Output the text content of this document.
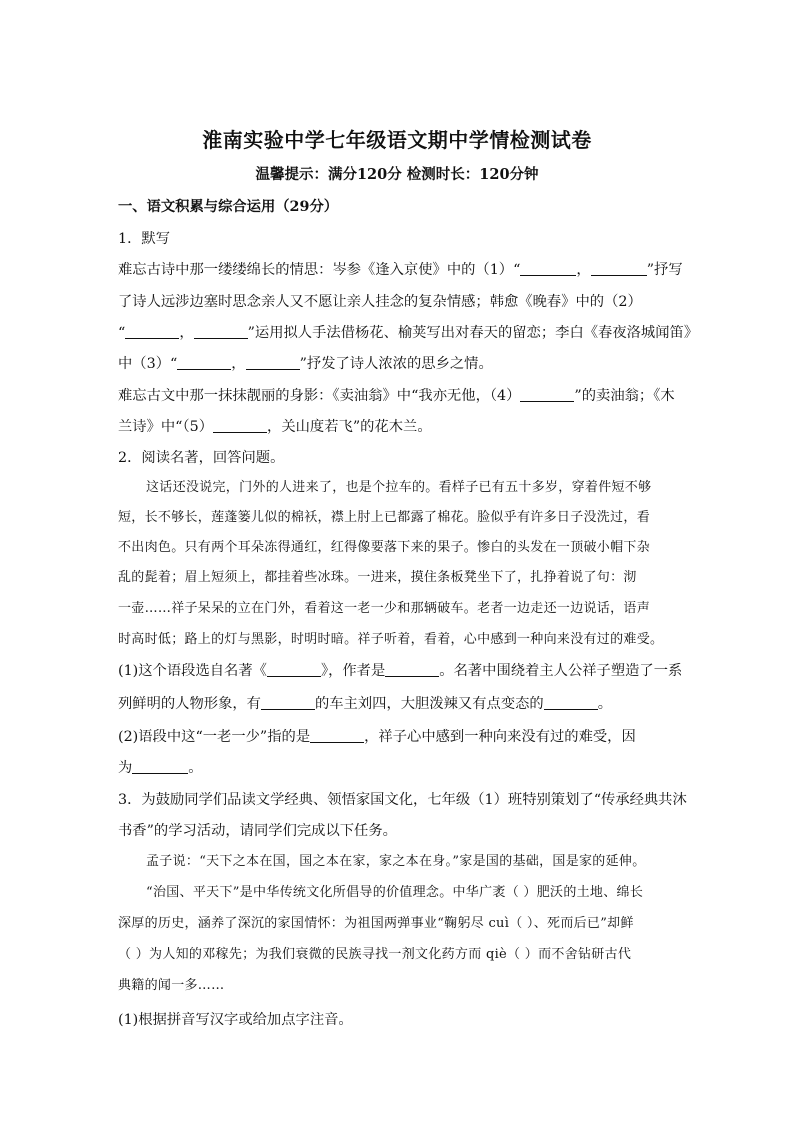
淮南实验中学七年级语文期中学情检测试卷
温馨提示：满分120分 检测时长：120分钟
一、语文积累与综合运用（29分）
1．默写
难忘古诗中那一缕缕绵长的情思：岑参《逢入京使》中的（1）“	，	”抒写
了诗人远涉边塞时思念亲人又不愿让亲人挂念的复杂情感；韩愈《晚春》中的（2）
“	，	”运用拟人手法借杨花、榆荚写出对春天的留恋；李白《春夜洛城闻笛》
中（3）“	，	”抒发了诗人浓浓的思乡之情。
难忘古文中那一抹抹靓丽的身影：《卖油翁》中“我亦无他，（4）	”的卖油翁；《木
兰诗》中“（5）	，关山度若飞”的花木兰。
2．阅读名著，回答问题。
这话还没说完，门外的人进来了，也是个拉车的。看样子已有五十多岁，穿着件短不够
短，长不够长，莲蓬篓儿似的棉袄，襟上肘上已都露了棉花。脸似乎有许多日子没洗过，看
不出肉色。只有两个耳朵冻得通红，红得像要落下来的果子。惨白的头发在一顶破小帽下杂
乱的髭着；眉上短须上，都挂着些冰珠。一进来，摸住条板凳坐下了，扎挣着说了句：沏
一壶……祥子呆呆的立在门外，看着这一老一少和那辆破车。老者一边走还一边说话，语声
时高时低；路上的灯与黑影，时明时暗。祥子听着，看着，心中感到一种向来没有过的难受。
(1)这个语段选自名著《	》，作者是	。名著中围绕着主人公祥子塑造了一系
列鲜明的人物形象，有	的车主刘四，大胆泼辣又有点变态的	。
(2)语段中这“一老一少”指的是	，祥子心中感到一种向来没有过的难受，因
为	。
3．为鼓励同学们品读文学经典、领悟家国文化，七年级（1）班特别策划了“传承经典共沐
书香”的学习活动，请同学们完成以下任务。
孟子说：“天下之本在国，国之本在家，家之本在身。”家是国的基础，国是家的延伸。
“治国、平天下”是中华传统文化所倡导的价值理念。中华广袤（ ）肥沃的土地、绵长
深厚的历史，涵养了深沉的家国情怀：为祖国两弹事业“鞠躬尽 cuì（ ）、死而后已”却鲜
（ ）为人知的邓稼先；为我们衰微的民族寻找一剂文化药方而 qiè（ ）而不舍钻研古代
典籍的闻一多……
(1)根据拼音写汉字或给加点字注音。
